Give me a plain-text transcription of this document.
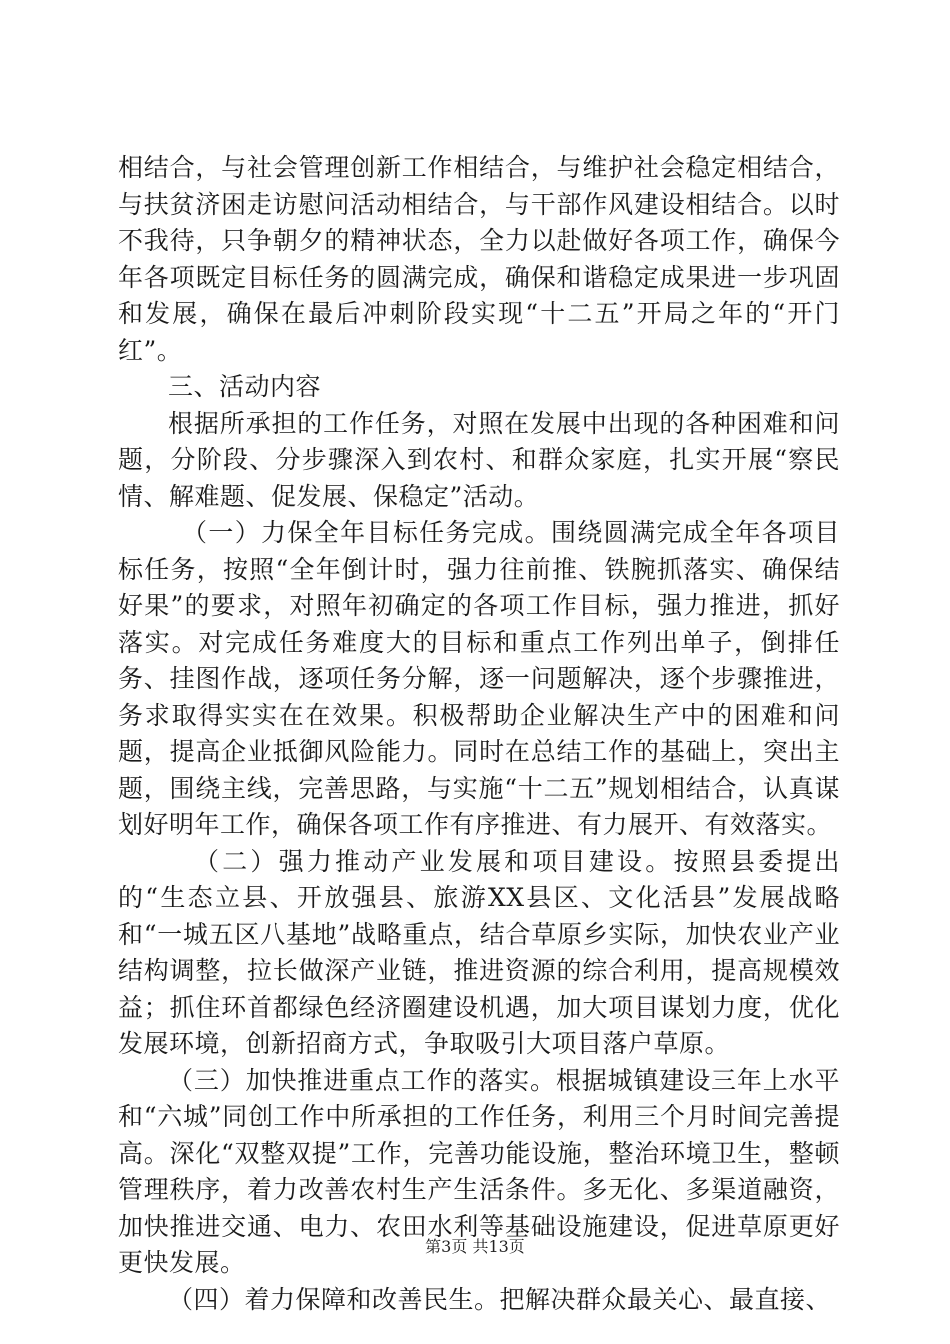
相结合，与社会管理创新工作相结合，与维护社会稳定相结合，与扶贫济困走访慰问活动相结合，与干部作风建设相结合。以时不我待，只争朝夕的精神状态，全力以赴做好各项工作，确保今年各项既定目标任务的圆满完成，确保和谐稳定成果进一步巩固和发展，确保在最后冲刺阶段实现“十二五”开局之年的“开门红”。

三、活动内容

根据所承担的工作任务，对照在发展中出现的各种困难和问题，分阶段、分步骤深入到农村、和群众家庭，扎实开展“察民情、解难题、促发展、保稳定”活动。

（一）力保全年目标任务完成。围绕圆满完成全年各项目标任务，按照“全年倒计时，强力往前推、铁腕抓落实、确保结好果”的要求，对照年初确定的各项工作目标，强力推进，抓好落实。对完成任务难度大的目标和重点工作列出单子，倒排任务、挂图作战，逐项任务分解，逐一问题解决，逐个步骤推进，务求取得实实在在效果。积极帮助企业解决生产中的困难和问题，提高企业抵御风险能力。同时在总结工作的基础上，突出主题，围绕主线，完善思路，与实施“十二五”规划相结合，认真谋划好明年工作，确保各项工作有序推进、有力展开、有效落实。

（二）强力推动产业发展和项目建设。按照县委提出的“生态立县、开放强县、旅游XX县区、文化活县”发展战略和“一城五区八基地”战略重点，结合草原乡实际，加快农业产业结构调整，拉长做深产业链，推进资源的综合利用，提高规模效益；抓住环首都绿色经济圈建设机遇，加大项目谋划力度，优化发展环境，创新招商方式，争取吸引大项目落户草原。

（三）加快推进重点工作的落实。根据城镇建设三年上水平和“六城”同创工作中所承担的工作任务，利用三个月时间完善提高。深化“双整双提”工作，完善功能设施，整治环境卫生，整顿管理秩序，着力改善农村生产生活条件。多无化、多渠道融资，加快推进交通、电力、农田水利等基础设施建设，促进草原更好更快发展。

（四）着力保障和改善民生。把解决群众最关心、最直接、

第3页 共13页
